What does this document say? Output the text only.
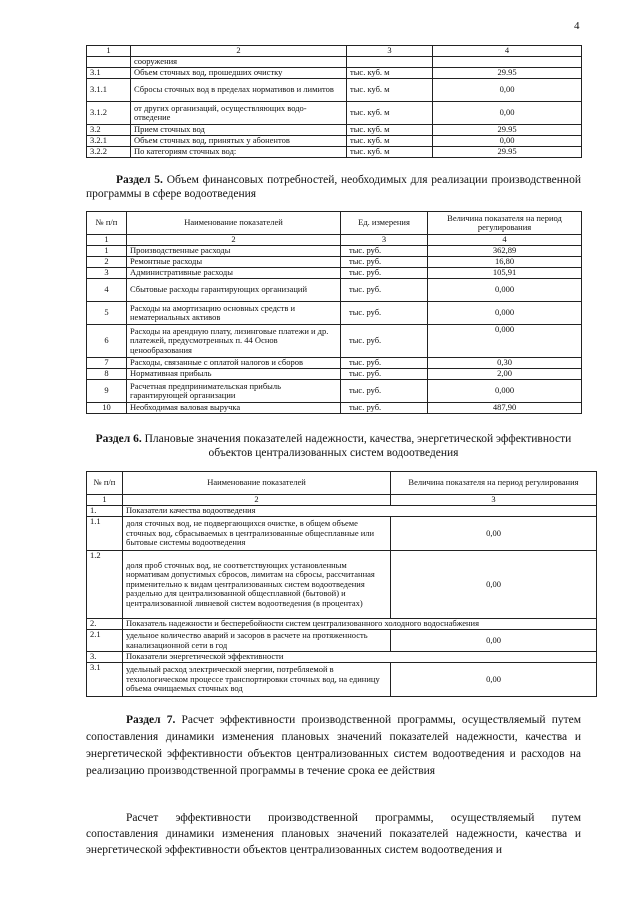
4
1	2	3	4
	сооружения		
3.1	Объем сточных вод, прошедших очистку	тыс. куб. м	29.95
3.1.1	Сбросы сточных вод в пределах нормативов и лимитов	тыс. куб. м	0,00
3.1.2	от других организаций, осуществляющих водо-отведение	тыс. куб. м	0,00
3.2	Прием сточных вод	тыс. куб. м	29.95
3.2.1	Объем сточных вод, принятых у абонентов	тыс. куб. м	0,00
3.2.2	По категориям сточных вод:	тыс. куб. м	29.95
Раздел 5. Объем финансовых потребностей, необходимых для реализации производственной программы в сфере водоотведения
№ п/п	Наименование показателей	Ед. измерения	Величина показателя на период регулирования
1	2	3	4
1	Производственные расходы	тыс. руб.	362,89
2	Ремонтные расходы	тыс. руб.	16,80
3	Административные расходы	тыс. руб.	105,91
4	Сбытовые расходы гарантирующих организаций	тыс. руб.	0,000
5	Расходы на амортизацию основных средств и нематериальных активов	тыс. руб.	0,000
6	Расходы на арендную плату, лизинговые платежи и др. платежей, предусмотренных п. 44 Основ ценообразования	тыс. руб.	0,000
7	Расходы, связанные с оплатой налогов и сборов	тыс. руб.	0,30
8	Нормативная прибыль	тыс. руб.	2,00
9	Расчетная предпринимательская прибыль гарантирующей организации	тыс. руб.	0,000
10	Необходимая валовая выручка	тыс. руб.	487,90
Раздел 6. Плановые значения показателей надежности, качества, энергетической эффективности объектов централизованных систем водоотведения
№ п/п	Наименование показателей	Величина показателя на период регулирования
1	2	3
1.	Показатели качества водоотведения	
1.1	доля сточных вод, не подвергающихся очистке, в общем объеме сточных вод, сбрасываемых в централизованные общесплавные или бытовые системы водоотведения	0,00
1.2	доля проб сточных вод, не соответствующих установленным нормативам допустимых сбросов, лимитам на сбросы, рассчитанная применительно к видам централизованных систем водоотведения раздельно для централизованной общесплавной (бытовой) и централизованной ливневой систем водоотведения (в процентах)	0,00
2.	Показатель надежности и бесперебойности систем централизованного холодного водоснабжения	
2.1	удельное количество аварий и засоров в расчете на протяженность канализационной сети в год	0,00
3.	Показатели энергетической эффективности	
3.1	удельный расход электрической энергии, потребляемой в технологическом процессе транспортировки сточных вод, на единицу объема очищаемых сточных вод	0,00
Раздел 7. Расчет эффективности производственной программы, осуществляемый путем сопоставления динамики изменения плановых значений показателей надежности, качества и энергетической эффективности объектов централизованных систем водоотведения и расходов на реализацию производственной программы в течение срока ее действия
Расчет эффективности производственной программы, осуществляемый путем сопоставления динамики изменения плановых значений показателей надежности, качества и энергетической эффективности объектов централизованных систем водоотведения и
